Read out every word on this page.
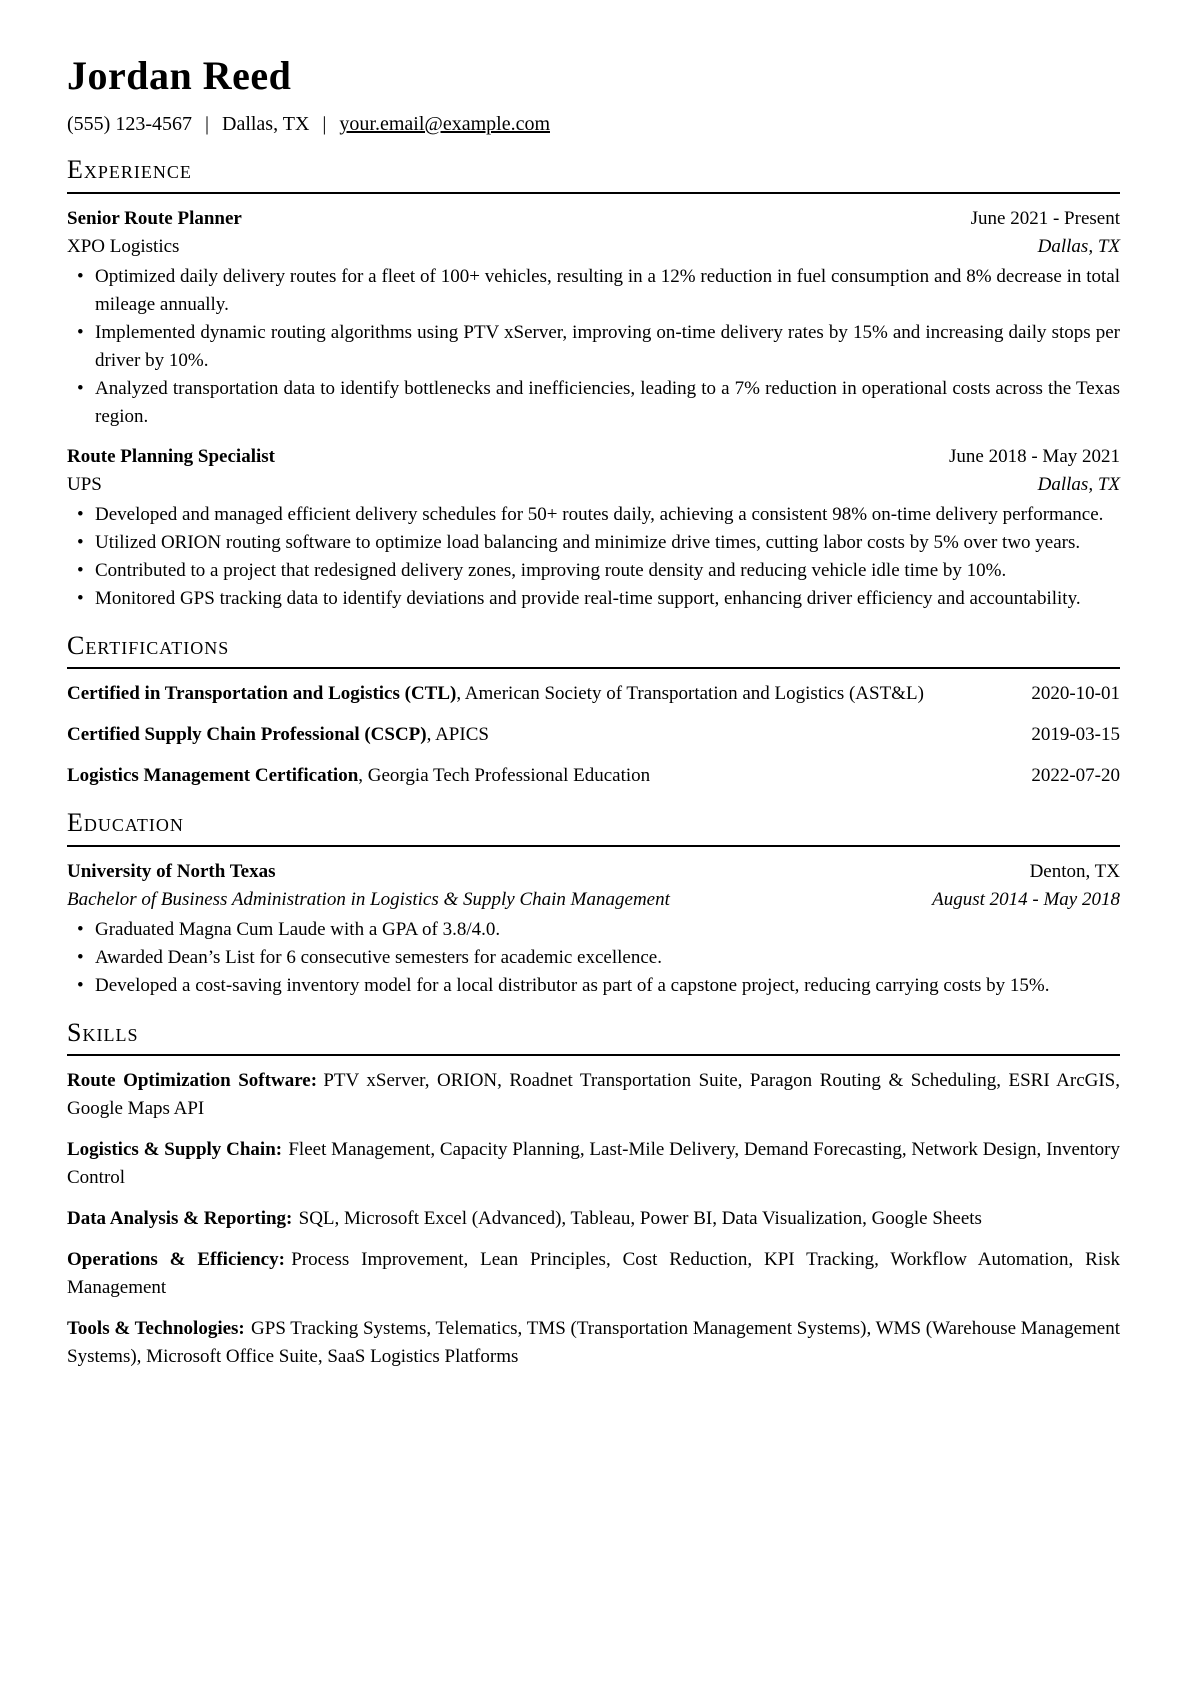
Jordan Reed
(555) 123-4567 | Dallas, TX | your.email@example.com
Experience
Senior Route Planner	June 2021 - Present
XPO Logistics	Dallas, TX
• Optimized daily delivery routes for a fleet of 100+ vehicles, resulting in a 12% reduction in fuel consumption and 8% decrease in total mileage annually.
• Implemented dynamic routing algorithms using PTV xServer, improving on-time delivery rates by 15% and increasing daily stops per driver by 10%.
• Analyzed transportation data to identify bottlenecks and inefficiencies, leading to a 7% reduction in operational costs across the Texas region.
Route Planning Specialist	June 2018 - May 2021
UPS	Dallas, TX
• Developed and managed efficient delivery schedules for 50+ routes daily, achieving a consistent 98% on-time delivery performance.
• Utilized ORION routing software to optimize load balancing and minimize drive times, cutting labor costs by 5% over two years.
• Contributed to a project that redesigned delivery zones, improving route density and reducing vehicle idle time by 10%.
• Monitored GPS tracking data to identify deviations and provide real-time support, enhancing driver efficiency and accountability.
Certifications

Certified in Transportation and Logistics (CTL), American Society of Transportation and Logistics (AST&L)	2020-10-01

Certified Supply Chain Professional (CSCP), APICS	2019-03-15

Logistics Management Certification, Georgia Tech Professional Education	2022-07-20

Education
University of North Texas	Denton, TX
Bachelor of Business Administration in Logistics & Supply Chain Management	August 2014 - May 2018
• Graduated Magna Cum Laude with a GPA of 3.8/4.0.
• Awarded Dean’s List for 6 consecutive semesters for academic excellence.
• Developed a cost-saving inventory model for a local distributor as part of a capstone project, reducing carrying costs by 15%.
Skills

Route Optimization Software: PTV xServer, ORION, Roadnet Transportation Suite, Paragon Routing & Scheduling, ESRI ArcGIS, Google Maps API

Logistics & Supply Chain: Fleet Management, Capacity Planning, Last-Mile Delivery, Demand Forecasting, Network Design, Inventory Control

Data Analysis & Reporting: SQL, Microsoft Excel (Advanced), Tableau, Power BI, Data Visualization, Google Sheets

Operations & Efficiency: Process Improvement, Lean Principles, Cost Reduction, KPI Tracking, Workflow Automation, Risk Management

Tools & Technologies: GPS Tracking Systems, Telematics, TMS (Transportation Management Systems), WMS (Warehouse Management Systems), Microsoft Office Suite, SaaS Logistics Platforms
